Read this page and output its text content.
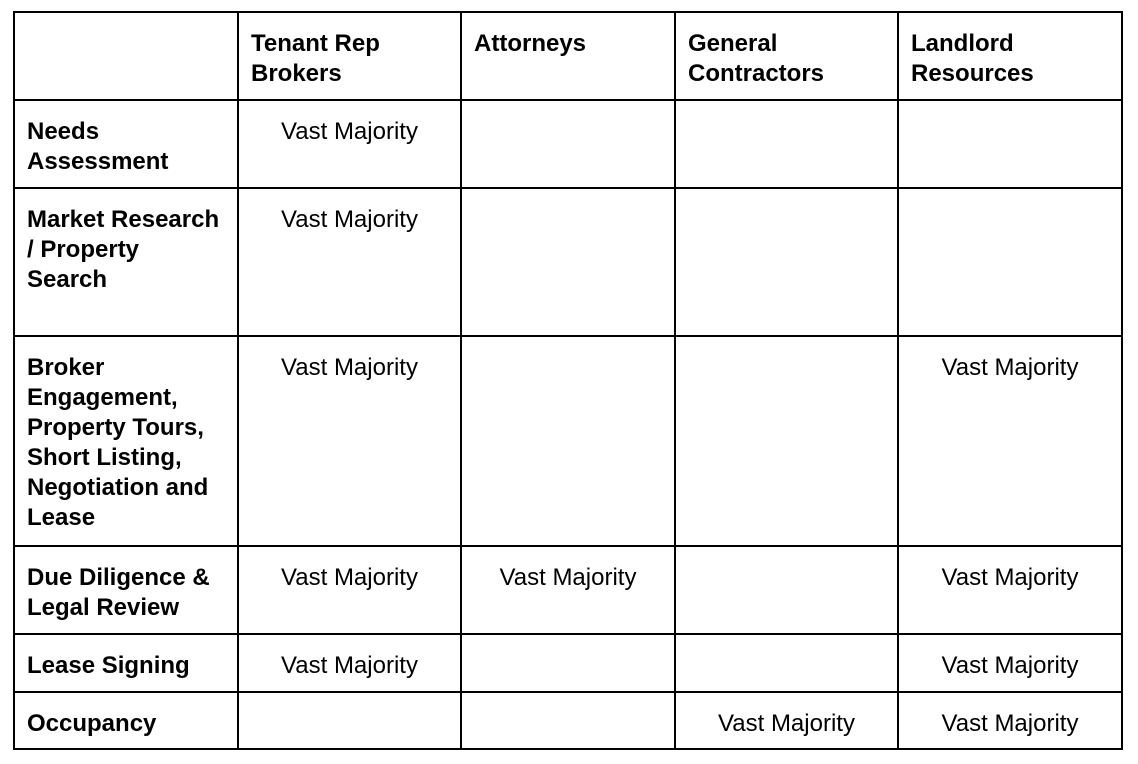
	Tenant Rep Brokers	Attorneys	General Contractors	Landlord Resources
Needs Assessment	Vast Majority			
Market Research / Property Search	Vast Majority			
Broker Engagement, Property Tours, Short Listing, Negotiation and Lease	Vast Majority			Vast Majority
Due Diligence & Legal Review	Vast Majority	Vast Majority		Vast Majority
Lease Signing	Vast Majority			Vast Majority
Occupancy			Vast Majority	Vast Majority
